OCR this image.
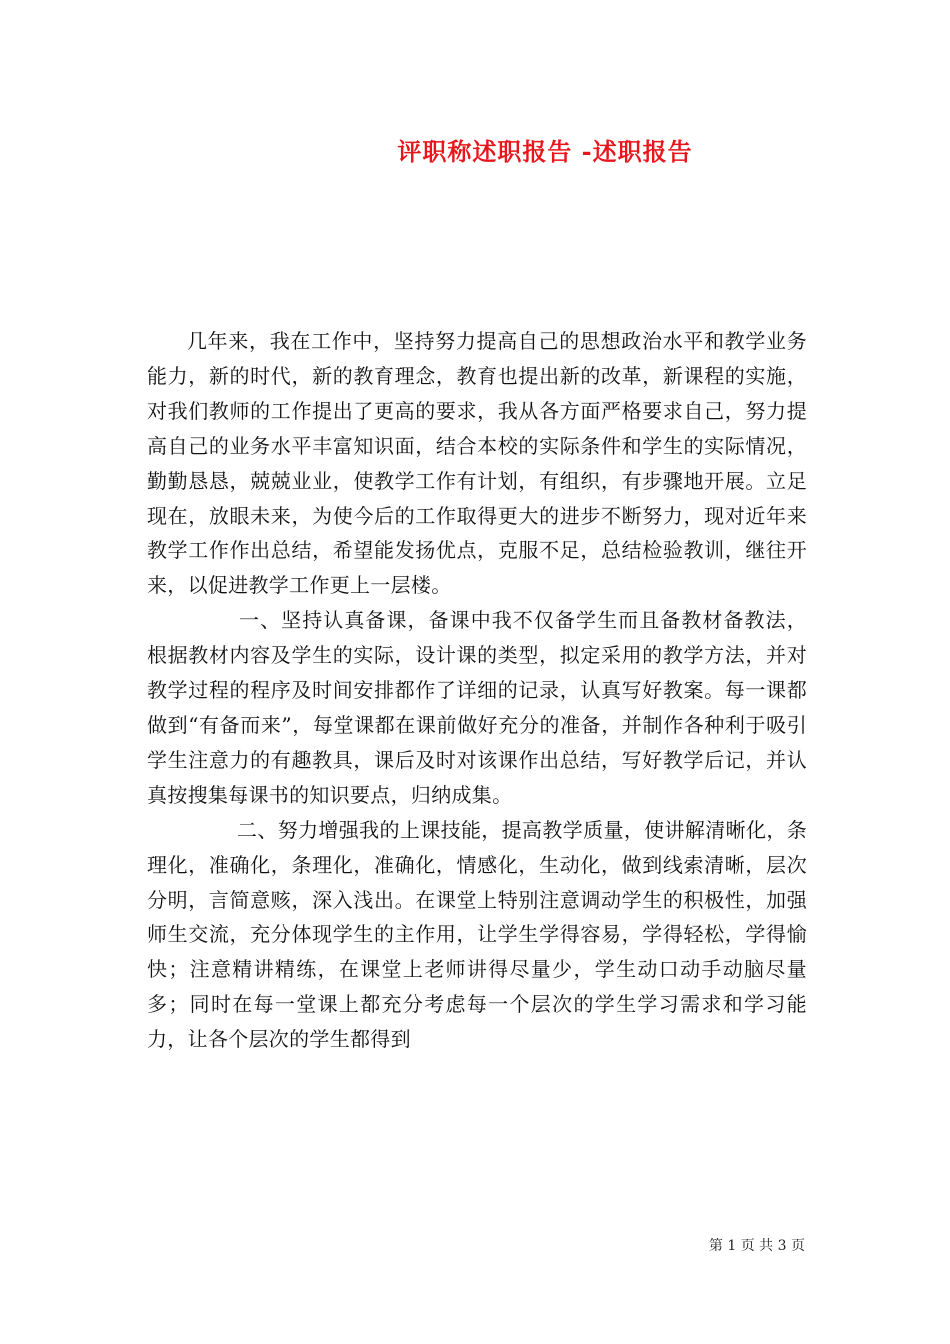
评职称述职报告 -述职报告

几年来，我在工作中，坚持努力提高自己的思想政治水平和教学业务能力，新的时代，新的教育理念，教育也提出新的改革，新课程的实施，对我们教师的工作提出了更高的要求，我从各方面严格要求自己，努力提高自己的业务水平丰富知识面，结合本校的实际条件和学生的实际情况，勤勤恳恳，兢兢业业，使教学工作有计划，有组织，有步骤地开展。立足现在，放眼未来，为使今后的工作取得更大的进步不断努力，现对近年来教学工作作出总结，希望能发扬优点，克服不足，总结检验教训，继往开来，以促进教学工作更上一层楼。

一、坚持认真备课，备课中我不仅备学生而且备教材备教法，根据教材内容及学生的实际，设计课的类型，拟定采用的教学方法，并对教学过程的程序及时间安排都作了详细的记录，认真写好教案。每一课都做到“有备而来”，每堂课都在课前做好充分的准备，并制作各种利于吸引学生注意力的有趣教具，课后及时对该课作出总结，写好教学后记，并认真按搜集每课书的知识要点，归纳成集。

二、努力增强我的上课技能，提高教学质量，使讲解清晰化，条理化，准确化，条理化，准确化，情感化，生动化，做到线索清晰，层次分明，言简意赅，深入浅出。在课堂上特别注意调动学生的积极性，加强师生交流，充分体现学生的主作用，让学生学得容易，学得轻松，学得愉快；注意精讲精练，在课堂上老师讲得尽量少，学生动口动手动脑尽量多；同时在每一堂课上都充分考虑每一个层次的学生学习需求和学习能力，让各个层次的学生都得到

第 1 页 共 3 页
